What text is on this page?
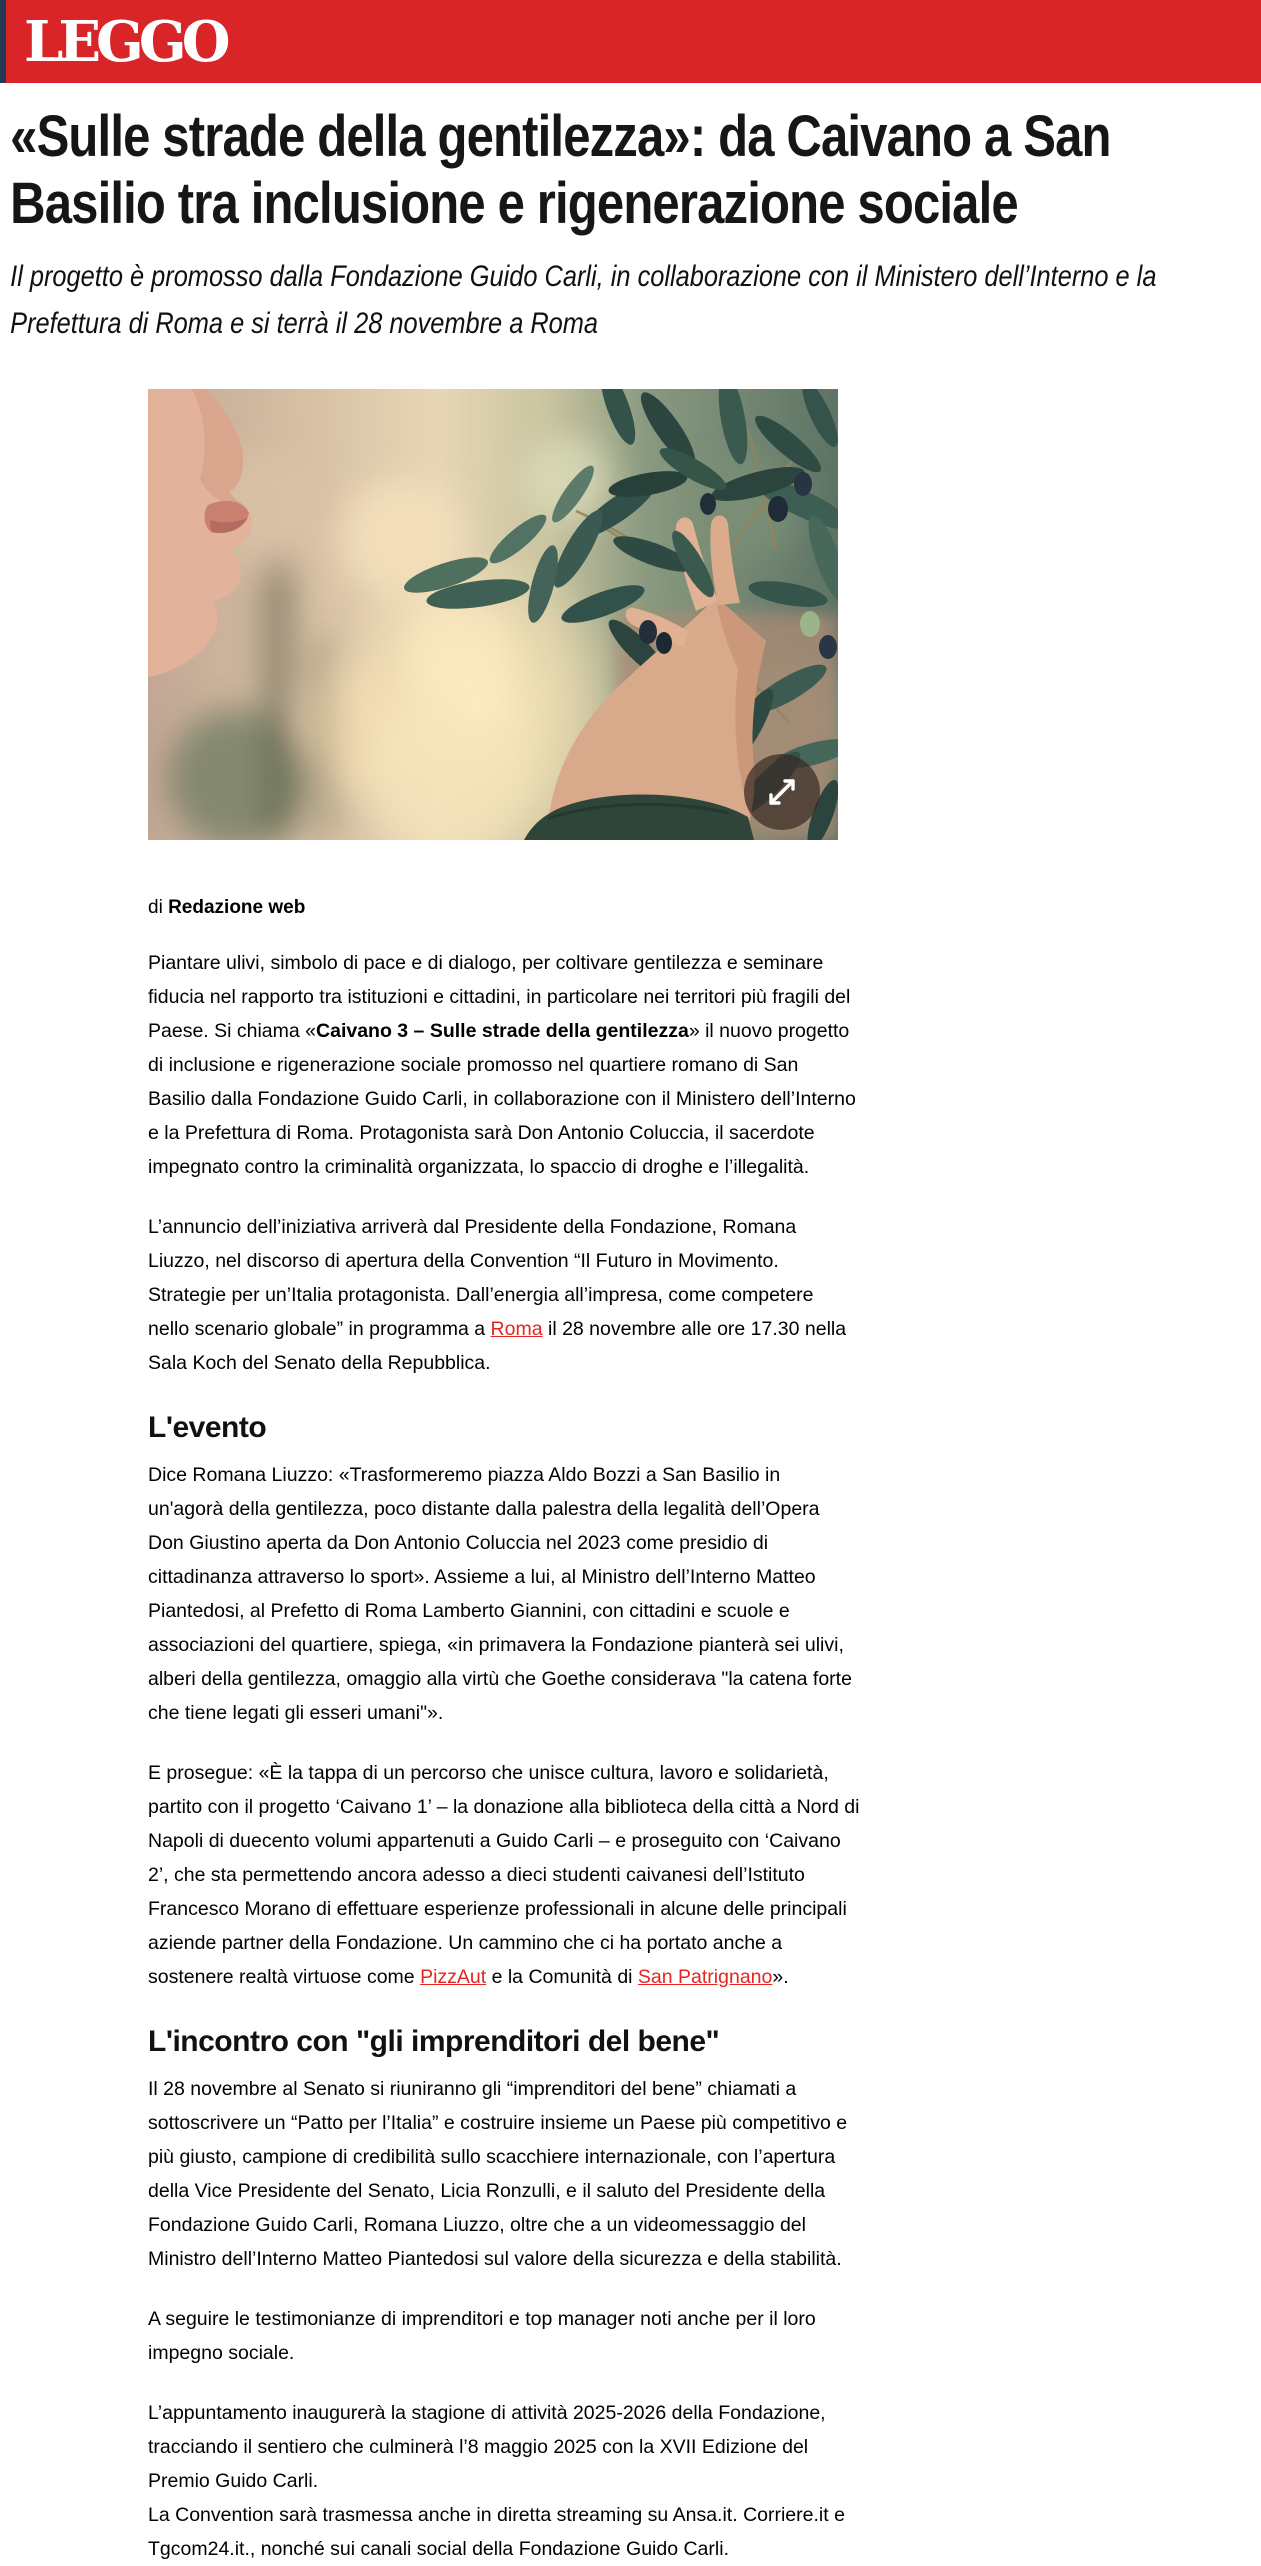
LEGGO
«Sulle strade della gentilezza»: da Caivano a San Basilio tra inclusione e rigenerazione sociale

Il progetto è promosso dalla Fondazione Guido Carli, in collaborazione con il Ministero dell’Interno e la Prefettura di Roma e si terrà il 28 novembre a Roma

di Redazione web

Piantare ulivi, simbolo di pace e di dialogo, per coltivare gentilezza e seminare fiducia nel rapporto tra istituzioni e cittadini, in particolare nei territori più fragili del Paese. Si chiama «Caivano 3 – Sulle strade della gentilezza» il nuovo progetto di inclusione e rigenerazione sociale promosso nel quartiere romano di San Basilio dalla Fondazione Guido Carli, in collaborazione con il Ministero dell’Interno e la Prefettura di Roma. Protagonista sarà Don Antonio Coluccia, il sacerdote impegnato contro la criminalità organizzata, lo spaccio di droghe e l’illegalità.

L’annuncio dell’iniziativa arriverà dal Presidente della Fondazione, Romana Liuzzo, nel discorso di apertura della Convention “Il Futuro in Movimento. Strategie per un’Italia protagonista. Dall’energia all’impresa, come competere nello scenario globale” in programma a Roma il 28 novembre alle ore 17.30 nella Sala Koch del Senato della Repubblica.

L'evento

Dice Romana Liuzzo: «Trasformeremo piazza Aldo Bozzi a San Basilio in un'agorà della gentilezza, poco distante dalla palestra della legalità dell’Opera Don Giustino aperta da Don Antonio Coluccia nel 2023 come presidio di cittadinanza attraverso lo sport». Assieme a lui, al Ministro dell’Interno Matteo Piantedosi, al Prefetto di Roma Lamberto Giannini, con cittadini e scuole e associazioni del quartiere, spiega, «in primavera la Fondazione pianterà sei ulivi, alberi della gentilezza, omaggio alla virtù che Goethe considerava "la catena forte che tiene legati gli esseri umani"».

E prosegue: «È la tappa di un percorso che unisce cultura, lavoro e solidarietà, partito con il progetto ‘Caivano 1’ – la donazione alla biblioteca della città a Nord di Napoli di duecento volumi appartenuti a Guido Carli – e proseguito con ‘Caivano 2’, che sta permettendo ancora adesso a dieci studenti caivanesi dell’Istituto Francesco Morano di effettuare esperienze professionali in alcune delle principali aziende partner della Fondazione. Un cammino che ci ha portato anche a sostenere realtà virtuose come PizzAut e la Comunità di San Patrignano».

L'incontro con "gli imprenditori del bene"

Il 28 novembre al Senato si riuniranno gli “imprenditori del bene” chiamati a sottoscrivere un “Patto per l’Italia” e costruire insieme un Paese più competitivo e più giusto, campione di credibilità sullo scacchiere internazionale, con l’apertura della Vice Presidente del Senato, Licia Ronzulli, e il saluto del Presidente della Fondazione Guido Carli, Romana Liuzzo, oltre che a un videomessaggio del Ministro dell’Interno Matteo Piantedosi sul valore della sicurezza e della stabilità.

A seguire le testimonianze di imprenditori e top manager noti anche per il loro impegno sociale.

L’appuntamento inaugurerà la stagione di attività 2025-2026 della Fondazione, tracciando il sentiero che culminerà l’8 maggio 2025 con la XVII Edizione del Premio Guido Carli.
La Convention sarà trasmessa anche in diretta streaming su Ansa.it. Corriere.it e Tgcom24.it., nonché sui canali social della Fondazione Guido Carli.
